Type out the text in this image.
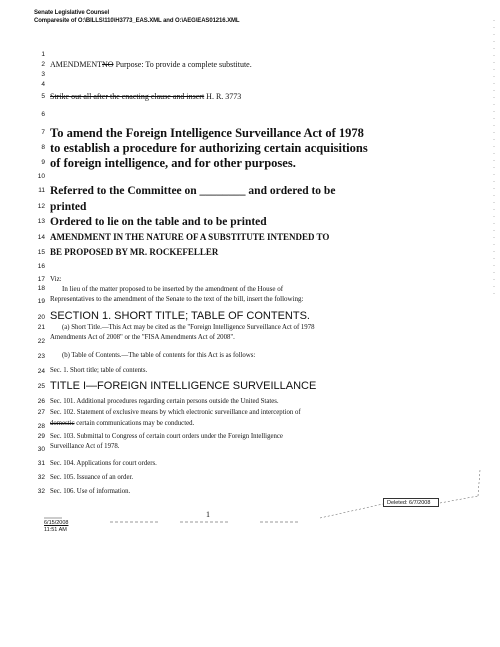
Senate Legislative Counsel
Comparesite of O:\BILLS\110\H3773_EAS.XML and O:\AEG\EAS01216.XML
1
2
3
4
5
6
7
8
9
10
11
12
13
14
15
16
17
18
19
20
21
22
23
24
25
26
27
28
29
30
31
32
AMENDMENTNO Purpose: To provide a complete substitute.
Strike out all after the enacting clause and insert H. R. 3773
To amend the Foreign Intelligence Surveillance Act of 1978
to establish a procedure for authorizing certain acquisitions
of foreign intelligence, and for other purposes.
Referred to the Committee on ________ and ordered to be
printed
Ordered to lie on the table and to be printed
AMENDMENT IN THE NATURE OF A SUBSTITUTE INTENDED TO
BE PROPOSED BY MR. ROCKEFELLER
Viz:
In lieu of the matter proposed to be inserted by the amendment of the House of
Representatives to the amendment of the Senate to the text of the bill, insert the following:
SECTION 1. SHORT TITLE; TABLE OF CONTENTS.
(a) Short Title.—This Act may be cited as the "Foreign Intelligence Surveillance Act of 1978
Amendments Act of 2008" or the "FISA Amendments Act of 2008".
(b) Table of Contents.—The table of contents for this Act is as follows:
Sec. 1. Short title; table of contents.
TITLE I—FOREIGN INTELLIGENCE SURVEILLANCE
Sec. 101. Additional procedures regarding certain persons outside the United States.
Sec. 102. Statement of exclusive means by which electronic surveillance and interception of
domestic certain communications may be conducted.
Sec. 103. Submittal to Congress of certain court orders under the Foreign Intelligence
Surveillance Act of 1978.
Sec. 104. Applications for court orders.
Sec. 105. Issuance of an order.
Sec. 106. Use of information.
32
1
6/15/2008
11:51 AM
Deleted: 6/7/2008
